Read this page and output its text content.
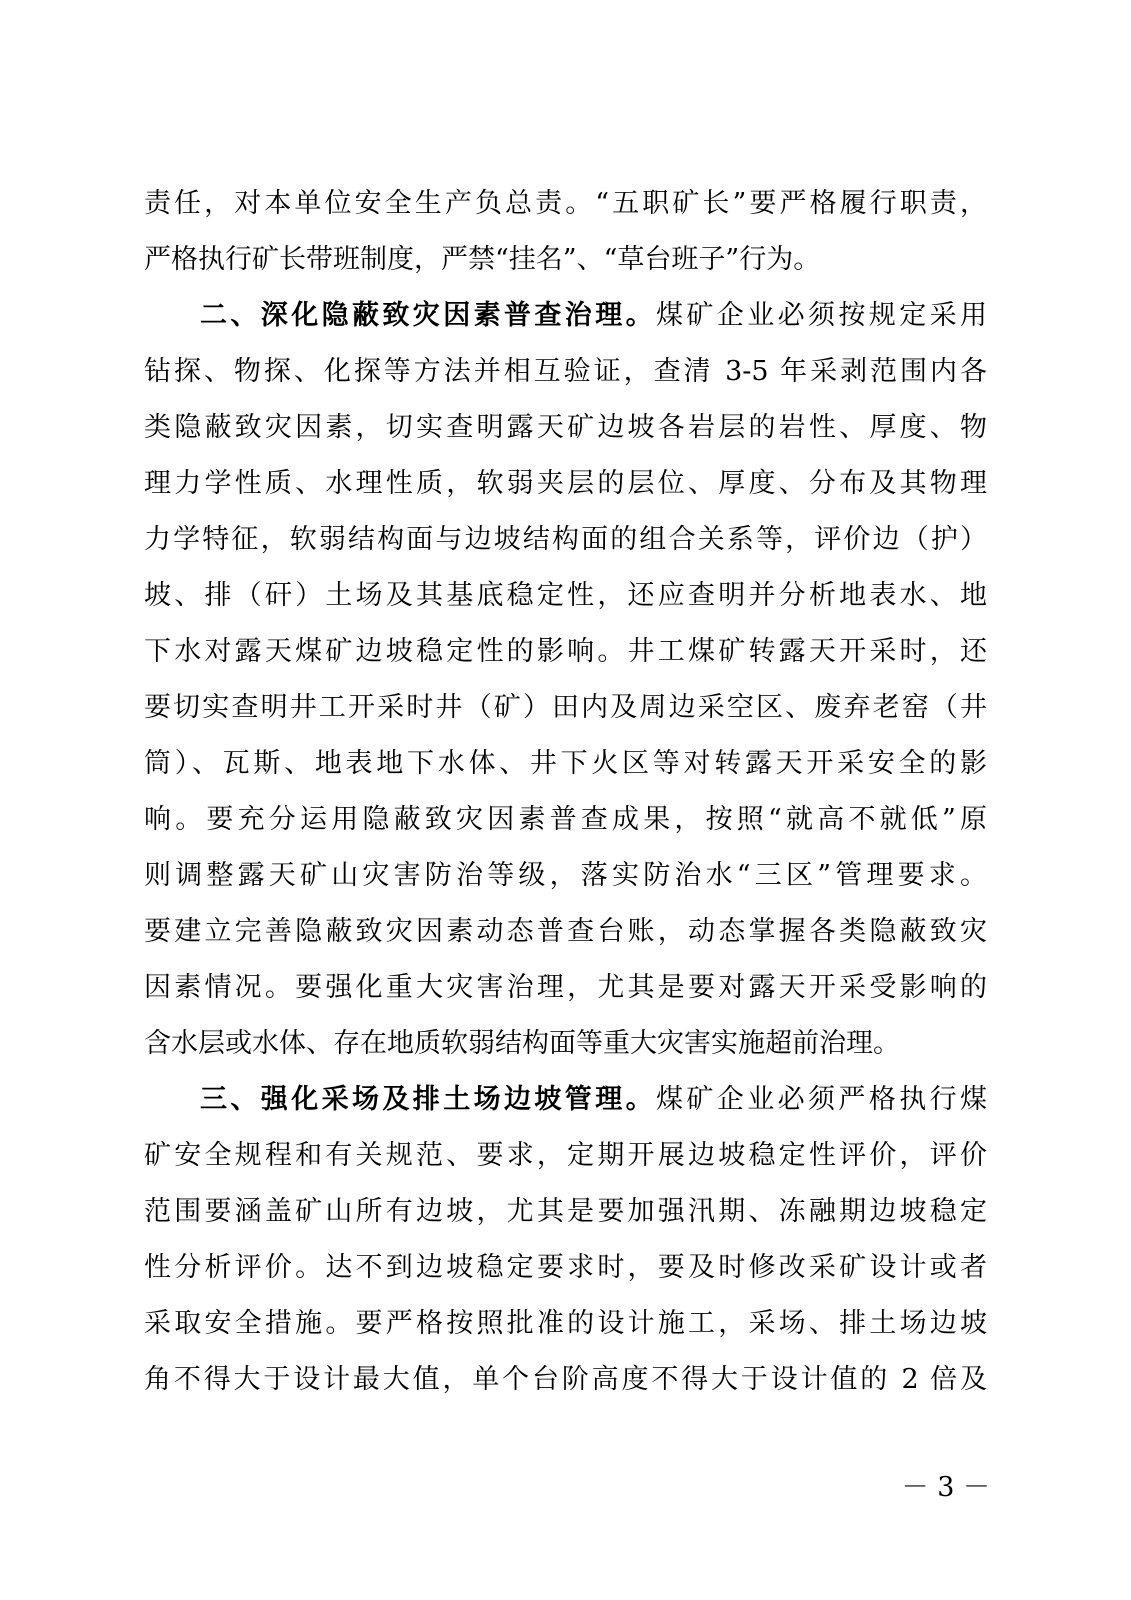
责任，对本单位安全生产负总责。“五职矿长”要严格履行职责，
严格执行矿长带班制度，严禁“挂名”、“草台班子”行为。
二、深化隐蔽致灾因素普查治理。煤矿企业必须按规定采用
钻探、物探、化探等方法并相互验证，查清 3-5 年采剥范围内各
类隐蔽致灾因素，切实查明露天矿边坡各岩层的岩性、厚度、物
理力学性质、水理性质，软弱夹层的层位、厚度、分布及其物理
力学特征，软弱结构面与边坡结构面的组合关系等，评价边（护）
坡、排（矸）土场及其基底稳定性，还应查明并分析地表水、地
下水对露天煤矿边坡稳定性的影响。井工煤矿转露天开采时，还
要切实查明井工开采时井（矿）田内及周边采空区、废弃老窑（井
筒）、瓦斯、地表地下水体、井下火区等对转露天开采安全的影
响。要充分运用隐蔽致灾因素普查成果，按照“就高不就低”原
则调整露天矿山灾害防治等级，落实防治水“三区”管理要求。
要建立完善隐蔽致灾因素动态普查台账，动态掌握各类隐蔽致灾
因素情况。要强化重大灾害治理，尤其是要对露天开采受影响的
含水层或水体、存在地质软弱结构面等重大灾害实施超前治理。
三、强化采场及排土场边坡管理。煤矿企业必须严格执行煤
矿安全规程和有关规范、要求，定期开展边坡稳定性评价，评价
范围要涵盖矿山所有边坡，尤其是要加强汛期、冻融期边坡稳定
性分析评价。达不到边坡稳定要求时，要及时修改采矿设计或者
采取安全措施。要严格按照批准的设计施工，采场、排土场边坡
角不得大于设计最大值，单个台阶高度不得大于设计值的 2 倍及
－ 3 －
